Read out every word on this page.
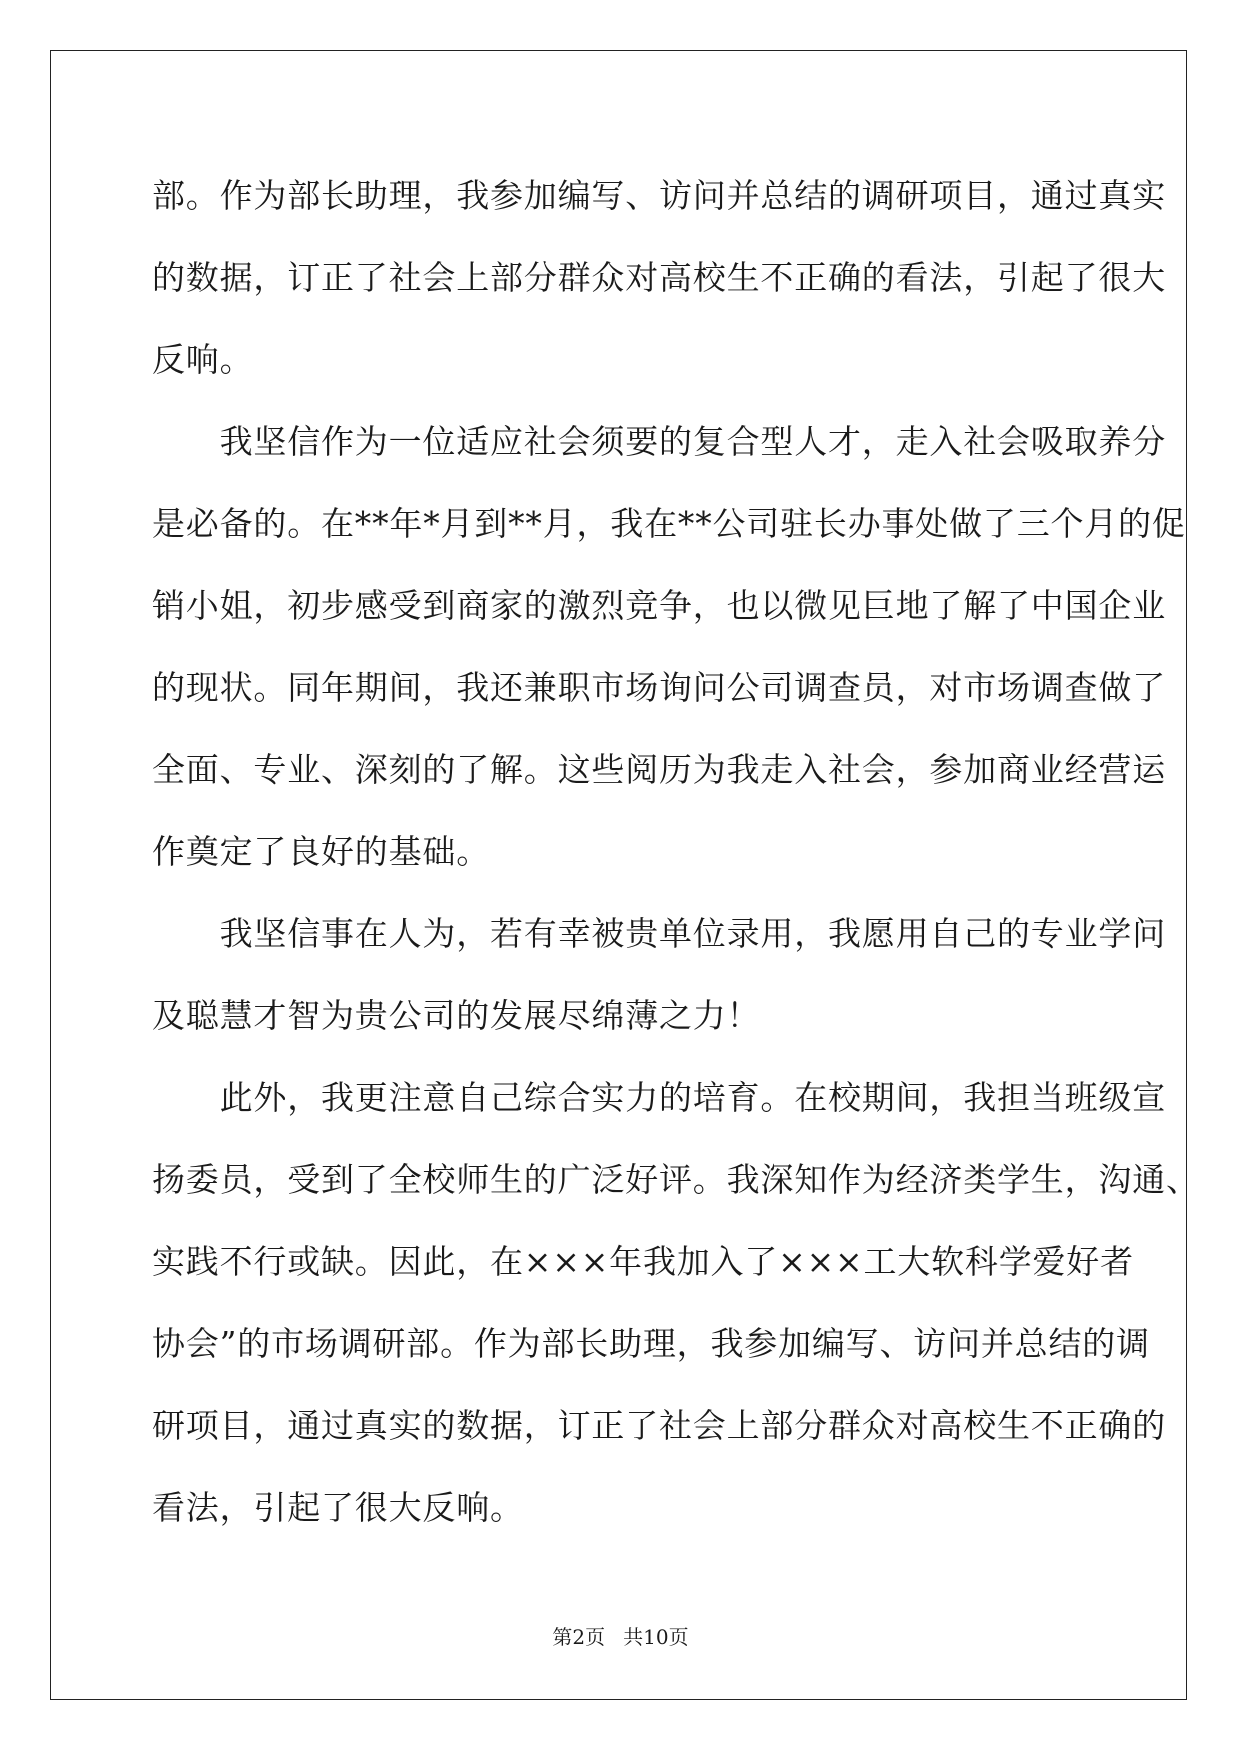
部。作为部长助理，我参加编写、访问并总结的调研项目，通过真实
的数据，订正了社会上部分群众对高校生不正确的看法，引起了很大
反响。
　　我坚信作为一位适应社会须要的复合型人才，走入社会吸取养分
是必备的。在**年*月到**月，我在**公司驻长办事处做了三个月的促
销小姐，初步感受到商家的激烈竞争，也以微见巨地了解了中国企业
的现状。同年期间，我还兼职市场询问公司调查员，对市场调查做了
全面、专业、深刻的了解。这些阅历为我走入社会，参加商业经营运
作奠定了良好的基础。
　　我坚信事在人为，若有幸被贵单位录用，我愿用自己的专业学问
及聪慧才智为贵公司的发展尽绵薄之力！
　　此外，我更注意自己综合实力的培育。在校期间，我担当班级宣
扬委员，受到了全校师生的广泛好评。我深知作为经济类学生，沟通、
实践不行或缺。因此，在×××年我加入了×××工大软科学爱好者
协会”的市场调研部。作为部长助理，我参加编写、访问并总结的调
研项目，通过真实的数据，订正了社会上部分群众对高校生不正确的
看法，引起了很大反响。
第2页 共10页
